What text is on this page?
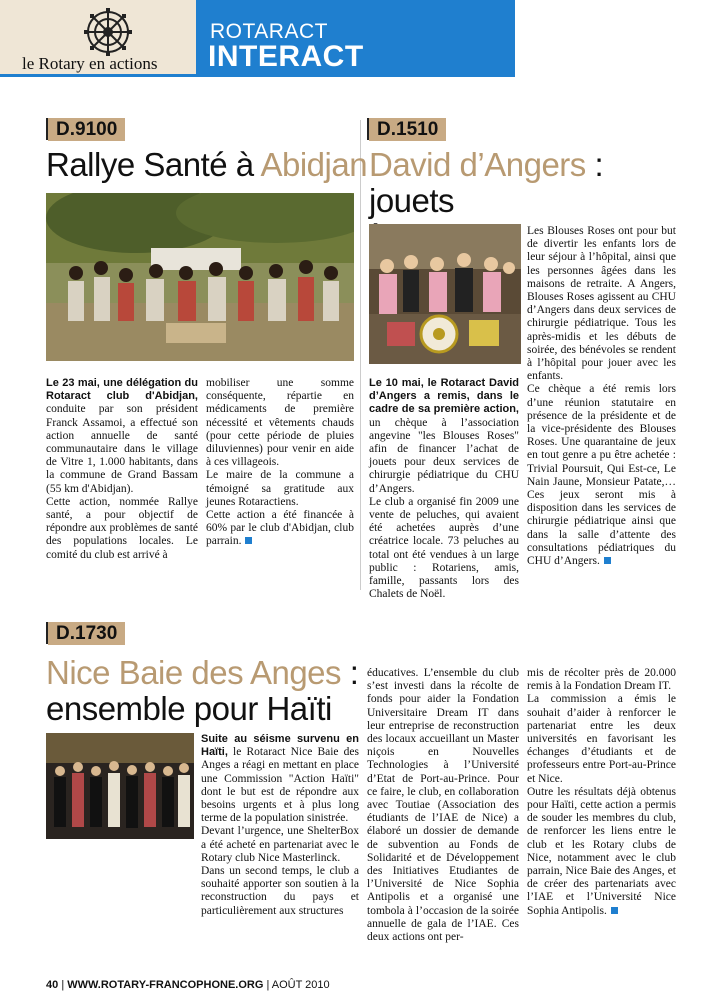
le Rotary en actions
ROTARACT
INTERACT
D.9100
Rallye Santé à Abidjan

Le 23 mai, une délégation du Rotaract club d'Abidjan, conduite par son président Franck Assamoi, a effectué son action annuelle de santé communautaire dans le village de Vitre 1, 1.000 habitants, dans la commune de Grand Bassam (55 km d'Abidjan).

Cette action, nommée Rallye santé, a pour objectif de répondre aux problèmes de santé des populations locales. Le comité du club est arrivé à

mobiliser une somme conséquente, répartie en médicaments de première nécessité et vêtements chauds (pour cette période de pluies diluviennes) pour venir en aide à ces villageois.

Le maire de la commune a témoigné sa gratitude aux jeunes Rotaractiens.

Cette action a été financée à 60% par le club d'Abidjan, club parrain.

D.1510
David d’Angers : jouets

Le 10 mai, le Rotaract David d’Angers a remis, dans le cadre de sa première action, un chèque à l’association angevine "les Blouses Roses" afin de financer l’achat de jouets pour deux services de chirurgie pédiatrique du CHU d’Angers.

Le club a organisé fin 2009 une vente de peluches, qui avaient été achetées auprès d’une créatrice locale. 73 peluches au total ont été vendues à un large public : Rotariens, amis, famille, passants lors des Chalets de Noël.

Les Blouses Roses ont pour but de divertir les enfants lors de leur séjour à l’hôpital, ainsi que les personnes âgées dans les maisons de retraite. A Angers, Blouses Roses agissent au CHU d’Angers dans deux services de chirurgie pédiatrique. Tous les après-midis et les débuts de soirée, des bénévoles se rendent à l’hôpital pour jouer avec les enfants.

Ce chèque a été remis lors d’une réunion statutaire en présence de la présidente et de la vice-présidente des Blouses Roses. Une quarantaine de jeux en tout genre a pu être achetée : Trivial Poursuit, Qui Est-ce, Le Nain Jaune, Monsieur Patate,… Ces jeux seront mis à disposition dans les services de chirurgie pédiatrique ainsi que dans la salle d’attente des consultations pédiatriques du CHU d’Angers.

D.1730
Nice Baie des Anges :
ensemble pour Haïti

Suite au séisme survenu en Haïti, le Rotaract Nice Baie des Anges a réagi en mettant en place une Commission "Action Haïti" dont le but est de répondre aux besoins urgents et à plus long terme de la population sinistrée.

Devant l’urgence, une ShelterBox a été acheté en partenariat avec le Rotary club Nice Masterlinck.

Dans un second temps, le club a souhaité apporter son soutien à la reconstruction du pays et particulièrement aux structures

éducatives. L’ensemble du club s’est investi dans la récolte de fonds pour aider la Fondation Universitaire Dream IT dans leur entreprise de reconstruction des locaux accueillant un Master niçois en Nouvelles Technologies à l’Université d’Etat de Port-au-Prince. Pour ce faire, le club, en collaboration avec Toutiae (Association des étudiants de l’IAE de Nice) a élaboré un dossier de demande de subvention au Fonds de Solidarité et de Développement des Initiatives Etudiantes de l’Université de Nice Sophia Antipolis et a organisé une tombola à l’occasion de la soirée annuelle de gala de l’IAE. Ces deux actions ont per-

mis de récolter près de 20.000 remis à la Fondation Dream IT.

La commission a émis le souhait d’aider à renforcer le partenariat entre les deux universités en favorisant les échanges d’étudiants et de professeurs entre Port-au-Prince et Nice.

Outre les résultats déjà obtenus pour Haïti, cette action a permis de souder les membres du club, de renforcer les liens entre le club et les Rotary clubs de Nice, notamment avec le club parrain, Nice Baie des Anges, et de créer des partenariats avec l’IAE et l’Université Nice Sophia Antipolis.

40 | WWW.ROTARY-FRANCOPHONE.ORG | AOÛT 2010
